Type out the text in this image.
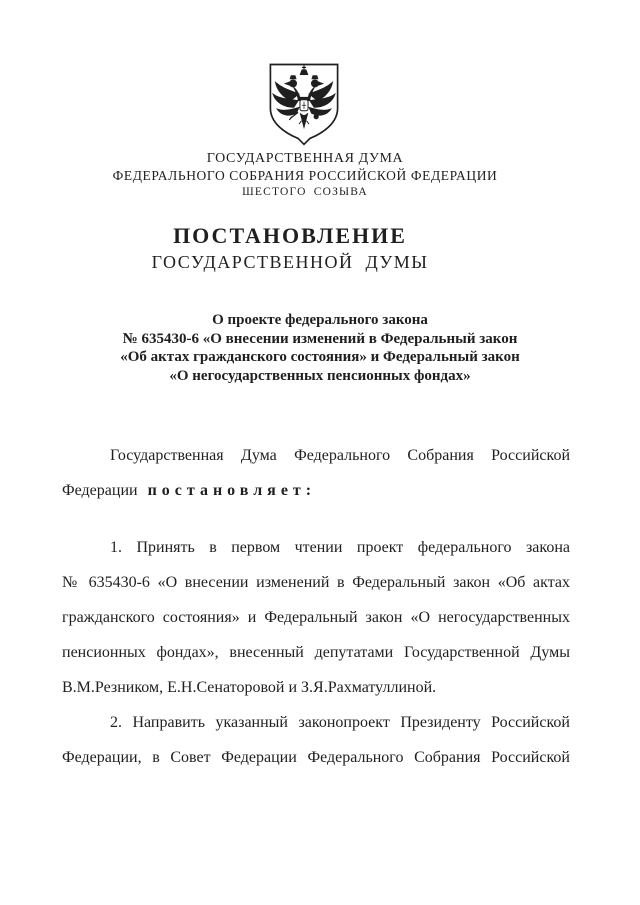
ГОСУДАРСТВЕННАЯ ДУМА
ФЕДЕРАЛЬНОГО СОБРАНИЯ РОССИЙСКОЙ ФЕДЕРАЦИИ
ШЕСТОГО СОЗЫВА
ПОСТАНОВЛЕНИЕ
ГОСУДАРСТВЕННОЙ ДУМЫ
О проекте федерального закона
№ 635430-6 «О внесении изменений в Федеральный закон
«Об актах гражданского состояния» и Федеральный закон
«О негосударственных пенсионных фондах»
Государственная Дума Федерального Собрания Российской
Федерации постановляет:
1. Принять в первом чтении проект федерального закона
№ 635430-6 «О внесении изменений в Федеральный закон «Об актах
гражданского состояния» и Федеральный закон «О негосударственных
пенсионных фондах», внесенный депутатами Государственной Думы
В.М.Резником, Е.Н.Сенаторовой и З.Я.Рахматуллиной.
2. Направить указанный законопроект Президенту Российской
Федерации, в Совет Федерации Федерального Собрания Российской
